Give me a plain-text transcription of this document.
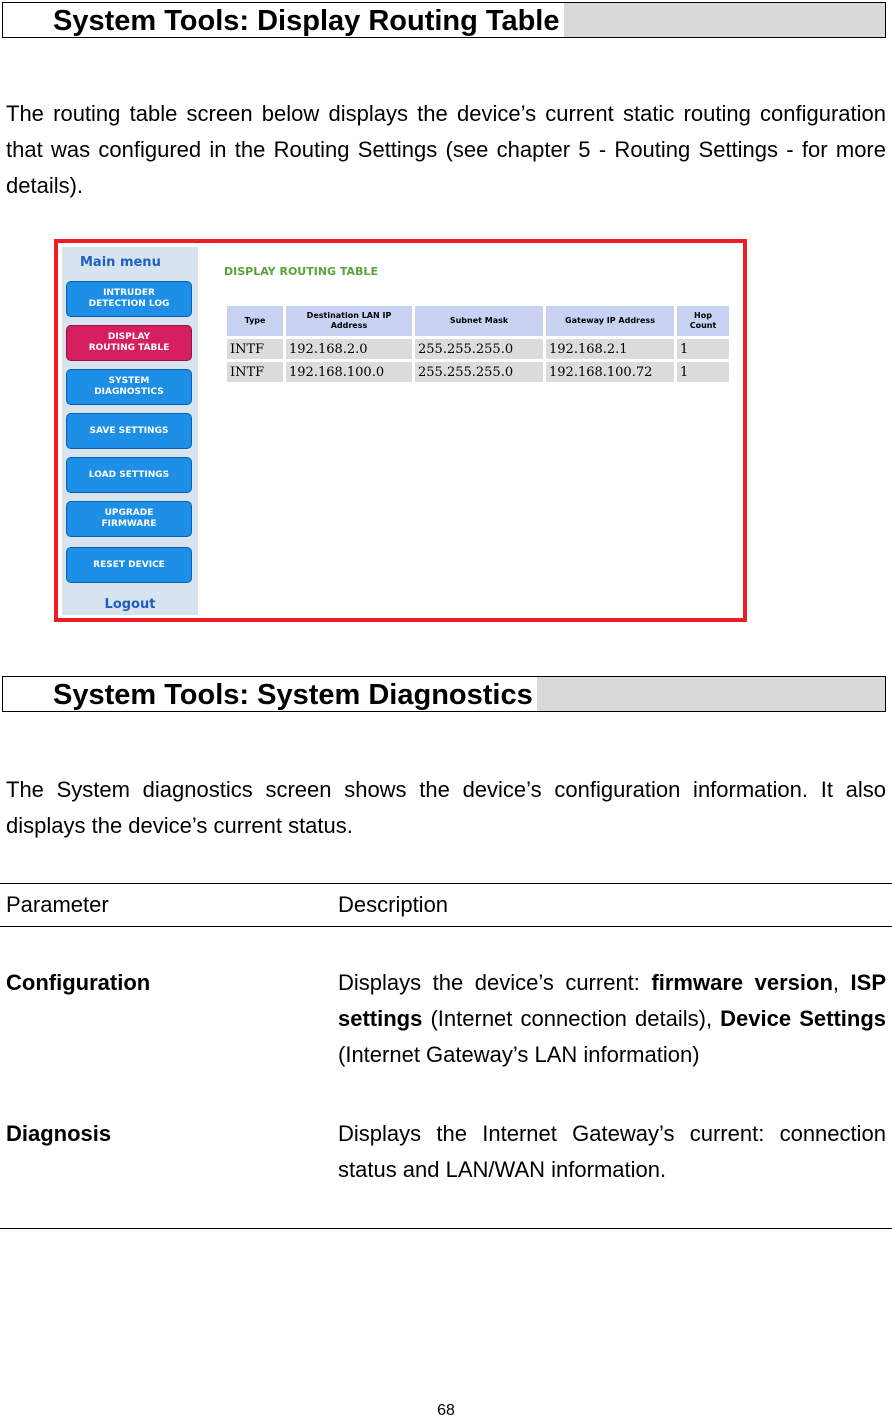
System Tools: Display Routing Table
The routing table screen below displays the device’s current static routing configuration that was configured in the Routing Settings (see chapter 5 - Routing Settings - for more details).
Main menu
INTRUDER
DETECTION LOG
DISPLAY
ROUTING TABLE
SYSTEM
DIAGNOSTICS
SAVE SETTINGS
LOAD SETTINGS
UPGRADE
FIRMWARE
RESET DEVICE
Logout
DISPLAY ROUTING TABLE
Type	Destination LAN IP Address	Subnet Mask	Gateway IP Address	Hop Count
INTF	192.168.2.0	255.255.255.0	192.168.2.1	1
INTF	192.168.100.0	255.255.255.0	192.168.100.72	1
System Tools: System Diagnostics
The System diagnostics screen shows the device’s configuration information. It also displays the device’s current status.
Parameter	Description
Configuration	Displays the device’s current: firmware version, ISP settings (Internet connection details), Device Settings (Internet Gateway’s LAN information)
Diagnosis	Displays the Internet Gateway’s current: connection status and LAN/WAN information.
68
